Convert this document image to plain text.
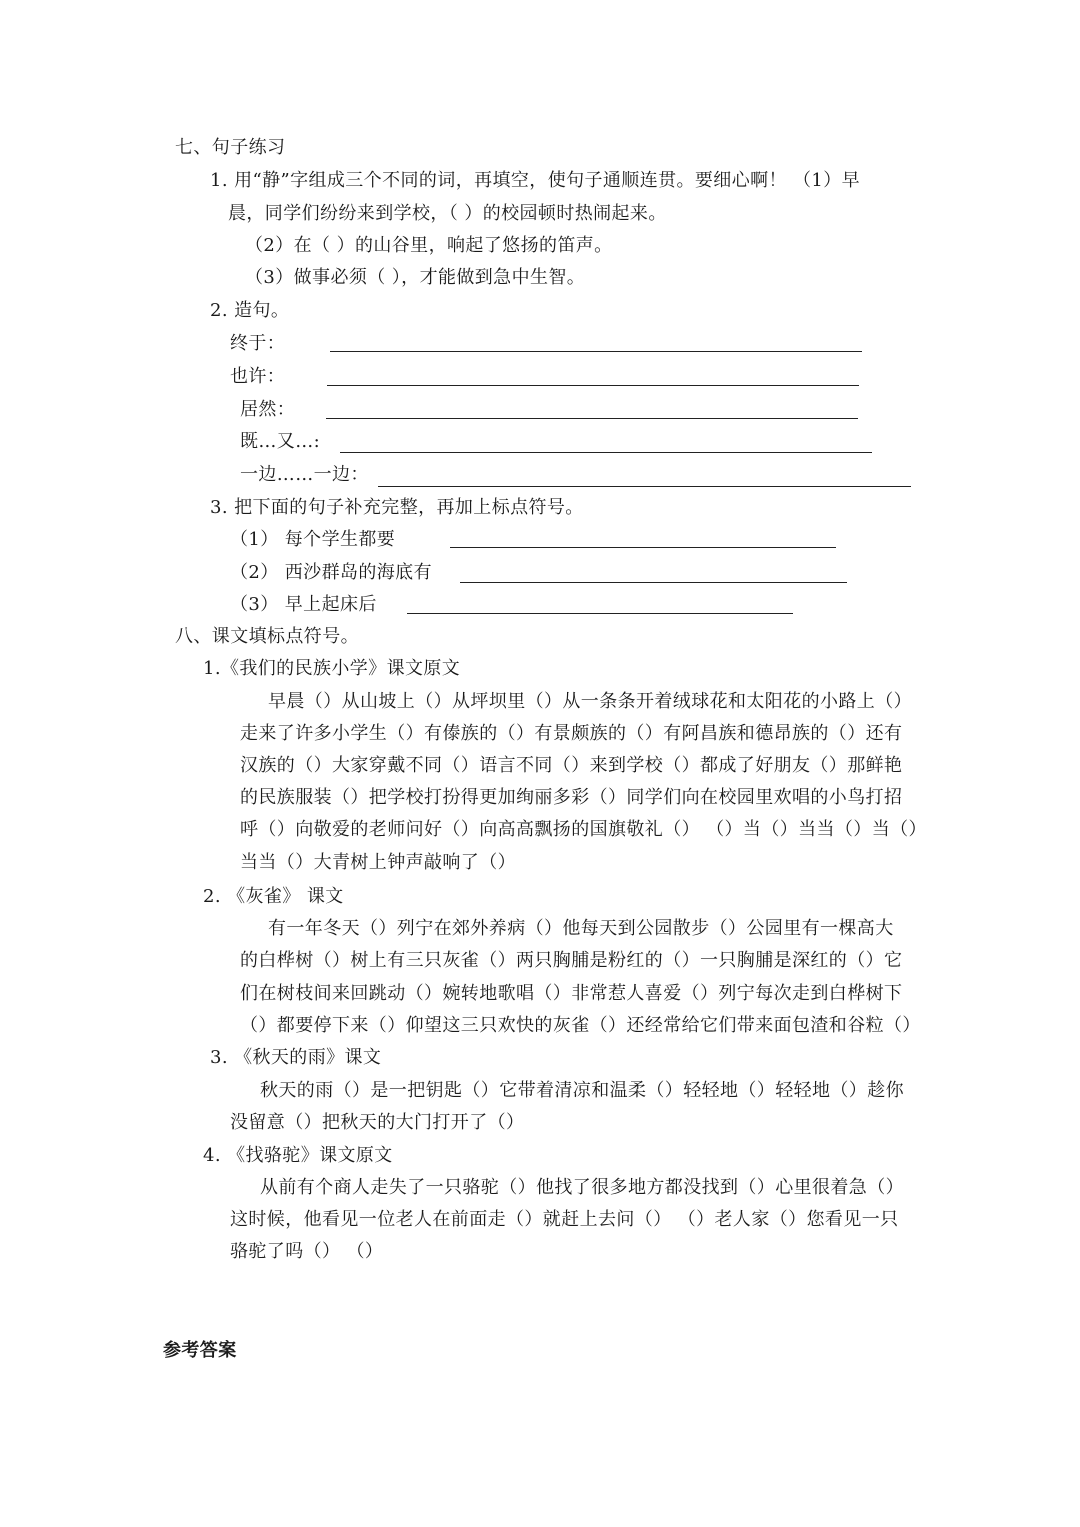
七、句子练习
1. 用“静”字组成三个不同的词，再填空，使句子通顺连贯。要细心啊！ （1）早
晨，同学们纷纷来到学校，（ ）的校园顿时热闹起来。
（2）在（ ）的山谷里，响起了悠扬的笛声。
（3）做事必须（ ），才能做到急中生智。
2. 造句。
终于：
也许：
居然：
既…又…:
一边……一边：
3. 把下面的句子补充完整，再加上标点符号。
（1） 每个学生都要
（2） 西沙群岛的海底有
（3） 早上起床后
八、课文填标点符号。
1.《我们的民族小学》课文原文
早晨（）从山坡上（）从坪坝里（）从一条条开着绒球花和太阳花的小路上（）
走来了许多小学生（）有傣族的（）有景颇族的（）有阿昌族和德昂族的（）还有
汉族的（）大家穿戴不同（）语言不同（）来到学校（）都成了好朋友（）那鲜艳
的民族服装（）把学校打扮得更加绚丽多彩（）同学们向在校园里欢唱的小鸟打招
呼（）向敬爱的老师问好（）向高高飘扬的国旗敬礼（） （）当（）当当（）当（）
当当（）大青树上钟声敲响了（）
2. 《灰雀》 课文
有一年冬天（）列宁在郊外养病（）他每天到公园散步（）公园里有一棵高大
的白桦树（）树上有三只灰雀（）两只胸脯是粉红的（）一只胸脯是深红的（）它
们在树枝间来回跳动（）婉转地歌唱（）非常惹人喜爱（）列宁每次走到白桦树下
（）都要停下来（）仰望这三只欢快的灰雀（）还经常给它们带来面包渣和谷粒（）
3. 《秋天的雨》课文
秋天的雨（）是一把钥匙（）它带着清凉和温柔（）轻轻地（）轻轻地（）趁你
没留意（）把秋天的大门打开了（）
4. 《找骆驼》课文原文
从前有个商人走失了一只骆驼（）他找了很多地方都没找到（）心里很着急（）
这时候，他看见一位老人在前面走（）就赶上去问（） （）老人家（）您看见一只
骆驼了吗（） （）
参考答案
